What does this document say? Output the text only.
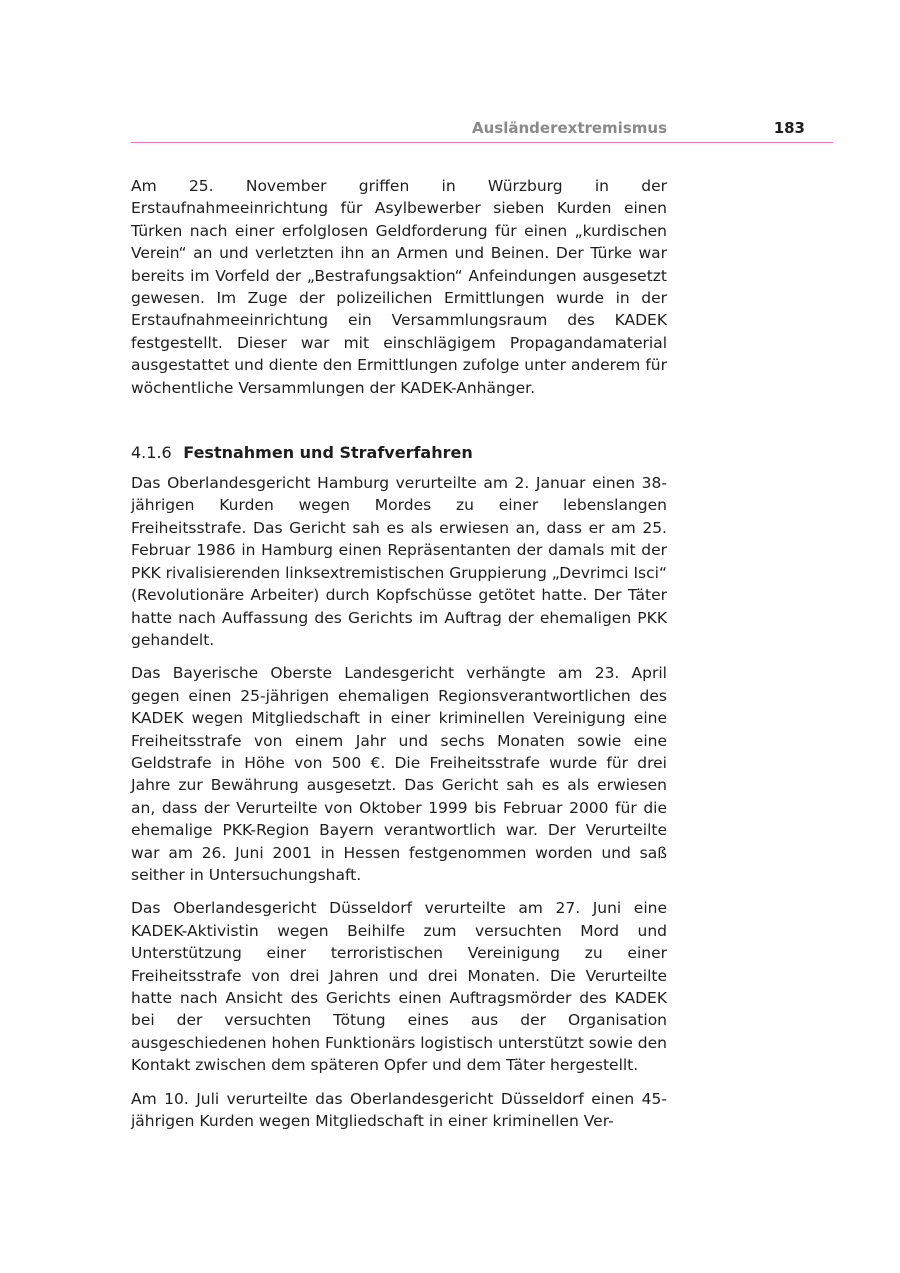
Ausländerextremismus	183

Am 25. November griffen in Würzburg in der Erstaufnahmeeinrichtung für Asylbewerber sieben Kurden einen Türken nach einer erfolglosen Geldforderung für einen „kurdischen Verein“ an und verletzten ihn an Armen und Beinen. Der Türke war bereits im Vorfeld der „Bestrafungsaktion“ Anfeindungen ausgesetzt gewesen. Im Zuge der polizeilichen Ermittlungen wurde in der Erstaufnahmeeinrichtung ein Versammlungsraum des KADEK festgestellt. Dieser war mit einschlägigem Propagandamaterial ausgestattet und diente den Ermittlungen zufolge unter anderem für wöchentliche Versammlungen der KADEK-Anhänger.

4.1.6 Festnahmen und Strafverfahren

Das Oberlandesgericht Hamburg verurteilte am 2. Januar einen 38-jährigen Kurden wegen Mordes zu einer lebenslangen Freiheitsstrafe. Das Gericht sah es als erwiesen an, dass er am 25. Februar 1986 in Hamburg einen Repräsentanten der damals mit der PKK rivalisierenden linksextremistischen Gruppierung „Devrimci Isci“ (Revolutionäre Arbeiter) durch Kopfschüsse getötet hatte. Der Täter hatte nach Auffassung des Gerichts im Auftrag der ehemaligen PKK gehandelt.

Das Bayerische Oberste Landesgericht verhängte am 23. April gegen einen 25-jährigen ehemaligen Regionsverantwortlichen des KADEK wegen Mitgliedschaft in einer kriminellen Vereinigung eine Freiheitsstrafe von einem Jahr und sechs Monaten sowie eine Geldstrafe in Höhe von 500 €. Die Freiheitsstrafe wurde für drei Jahre zur Bewährung ausgesetzt. Das Gericht sah es als erwiesen an, dass der Verurteilte von Oktober 1999 bis Februar 2000 für die ehemalige PKK-Region Bayern verantwortlich war. Der Verurteilte war am 26. Juni 2001 in Hessen festgenommen worden und saß seither in Untersuchungshaft.

Das Oberlandesgericht Düsseldorf verurteilte am 27. Juni eine KADEK-Aktivistin wegen Beihilfe zum versuchten Mord und Unterstützung einer terroristischen Vereinigung zu einer Freiheitsstrafe von drei Jahren und drei Monaten. Die Verurteilte hatte nach Ansicht des Gerichts einen Auftragsmörder des KADEK bei der versuchten Tötung eines aus der Organisation ausgeschiedenen hohen Funktionärs logistisch unterstützt sowie den Kontakt zwischen dem späteren Opfer und dem Täter hergestellt.

Am 10. Juli verurteilte das Oberlandesgericht Düsseldorf einen 45-jährigen Kurden wegen Mitgliedschaft in einer kriminellen Ver-
